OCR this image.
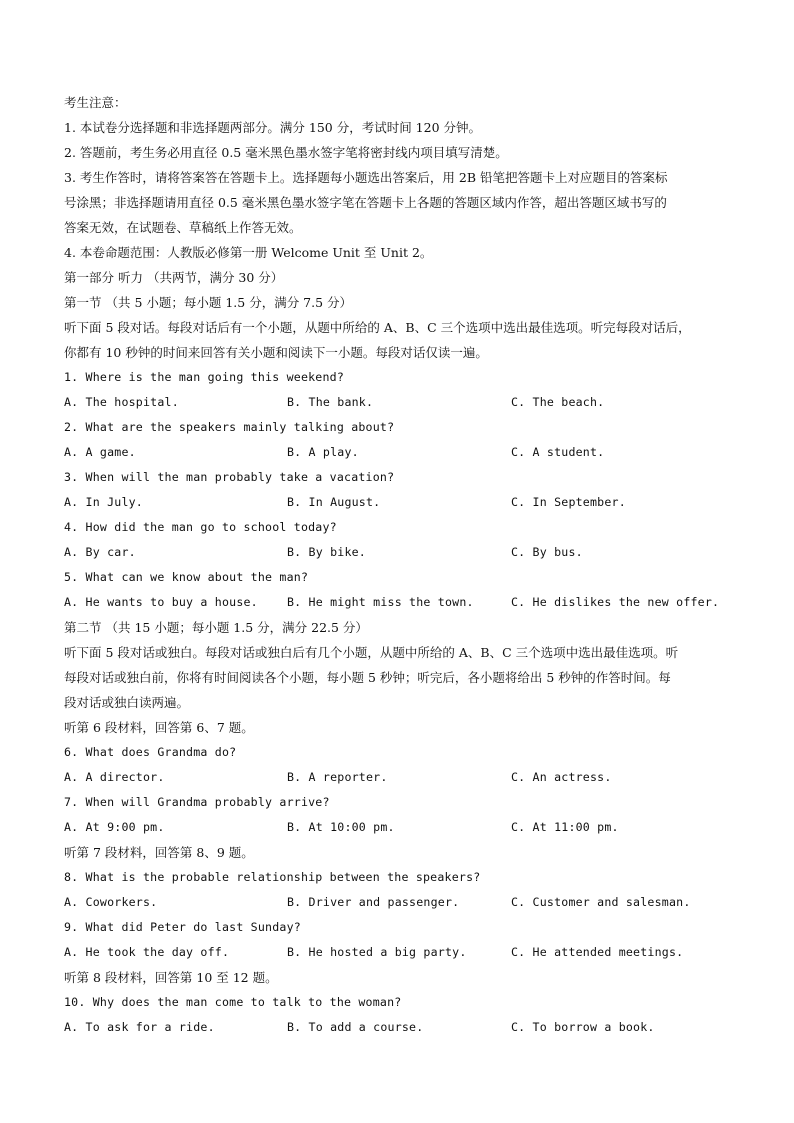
考生注意：
1. 本试卷分选择题和非选择题两部分。满分 150 分，考试时间 120 分钟。
2. 答题前，考生务必用直径 0.5 毫米黑色墨水签字笔将密封线内项目填写清楚。
3. 考生作答时，请将答案答在答题卡上。选择题每小题选出答案后，用 2B 铅笔把答题卡上对应题目的答案标
号涂黑；非选择题请用直径 0.5 毫米黑色墨水签字笔在答题卡上各题的答题区域内作答，超出答题区域书写的
答案无效，在试题卷、草稿纸上作答无效。
4. 本卷命题范围：人教版必修第一册 Welcome Unit 至 Unit 2。
第一部分 听力 （共两节，满分 30 分）
第一节 （共 5 小题；每小题 1.5 分，满分 7.5 分）
听下面 5 段对话。每段对话后有一个小题，从题中所给的 A、B、C 三个选项中选出最佳选项。听完每段对话后，
你都有 10 秒钟的时间来回答有关小题和阅读下一小题。每段对话仅读一遍。
1. Where is the man going this weekend?
A. The hospital.	B. The bank.	C. The beach.
2. What are the speakers mainly talking about?
A. A game.	B. A play.	C. A student.
3. When will the man probably take a vacation?
A. In July.	B. In August.	C. In September.
4. How did the man go to school today?
A. By car.	B. By bike.	C. By bus.
5. What can we know about the man?
A. He wants to buy a house.	B. He might miss the town.	C. He dislikes the new offer.
第二节 （共 15 小题；每小题 1.5 分，满分 22.5 分）
听下面 5 段对话或独白。每段对话或独白后有几个小题，从题中所给的 A、B、C 三个选项中选出最佳选项。听
每段对话或独白前，你将有时间阅读各个小题，每小题 5 秒钟；听完后，各小题将给出 5 秒钟的作答时间。每
段对话或独白读两遍。
听第 6 段材料，回答第 6、7 题。
6. What does Grandma do?
A. A director.	B. A reporter.	C. An actress.
7. When will Grandma probably arrive?
A. At 9:00 pm.	B. At 10:00 pm.	C. At 11:00 pm.
听第 7 段材料，回答第 8、9 题。
8. What is the probable relationship between the speakers?
A. Coworkers.	B. Driver and passenger.	C. Customer and salesman.
9. What did Peter do last Sunday?
A. He took the day off.	B. He hosted a big party.	C. He attended meetings.
听第 8 段材料，回答第 10 至 12 题。
10. Why does the man come to talk to the woman?
A. To ask for a ride.	B. To add a course.	C. To borrow a book.
